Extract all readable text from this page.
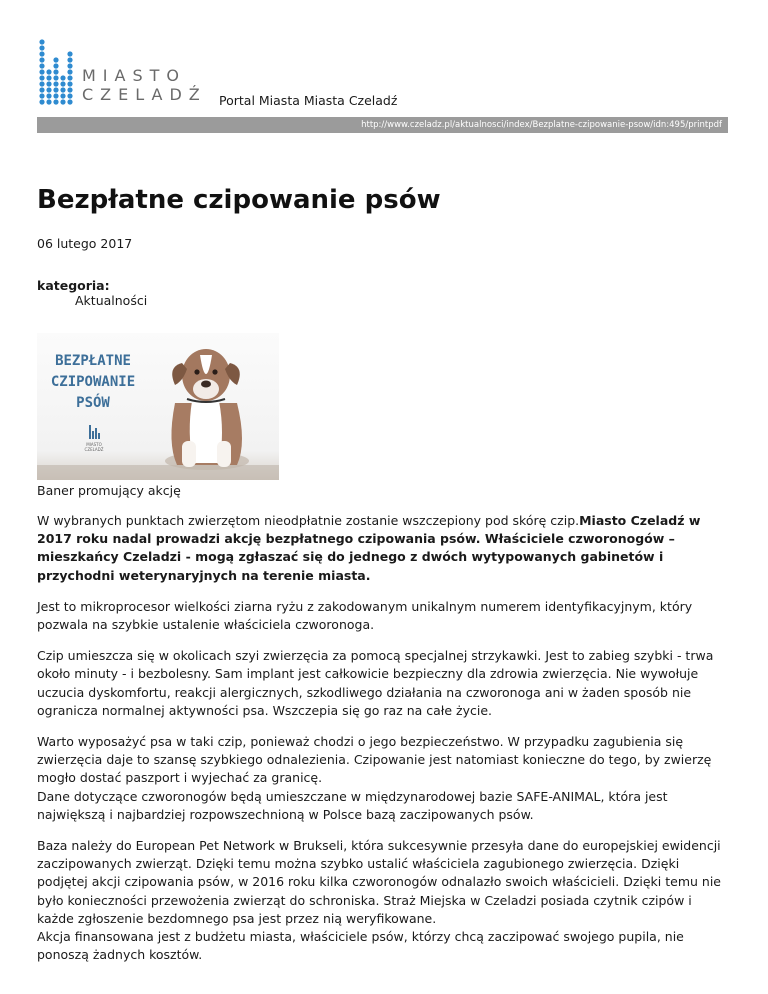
MIASTO
CZELADŹ Portal Miasta Miasta Czeladź
http://www.czeladz.pl/aktualnosci/index/Bezplatne-czipowanie-psow/idn:495/printpdf
Bezpłatne czipowanie psów
06 lutego 2017
kategoria:
Aktualności
BEZPŁATNE
CZIPOWANIE
PSÓW
MIASTO
CZELADŹ
Baner promujący akcję

W wybranych punktach zwierzętom nieodpłatnie zostanie wszczepiony pod skórę czip.Miasto Czeladź w 2017 roku nadal prowadzi akcję bezpłatnego czipowania psów. Właściciele czworonogów – mieszkańcy Czeladzi - mogą zgłaszać się do jednego z dwóch wytypowanych gabinetów i przychodni weterynaryjnych na terenie miasta.

Jest to mikroprocesor wielkości ziarna ryżu z zakodowanym unikalnym numerem identyfikacyjnym, który pozwala na szybkie ustalenie właściciela czworonoga.

Czip umieszcza się w okolicach szyi zwierzęcia za pomocą specjalnej strzykawki. Jest to zabieg szybki - trwa około minuty - i bezbolesny. Sam implant jest całkowicie bezpieczny dla zdrowia zwierzęcia. Nie wywołuje uczucia dyskomfortu, reakcji alergicznych, szkodliwego działania na czworonoga ani w żaden sposób nie ogranicza normalnej aktywności psa. Wszczepia się go raz na całe życie.

Warto wyposażyć psa w taki czip, ponieważ chodzi o jego bezpieczeństwo. W przypadku zagubienia się zwierzęcia daje to szansę szybkiego odnalezienia. Czipowanie jest natomiast konieczne do tego, by zwierzę mogło dostać paszport i wyjechać za granicę.
Dane dotyczące czworonogów będą umieszczane w międzynarodowej bazie SAFE-ANIMAL, która jest największą i najbardziej rozpowszechnioną w Polsce bazą zaczipowanych psów.

Baza należy do European Pet Network w Brukseli, która sukcesywnie przesyła dane do europejskiej ewidencji zaczipowanych zwierząt. Dzięki temu można szybko ustalić właściciela zagubionego zwierzęcia. Dzięki podjętej akcji czipowania psów, w 2016 roku kilka czworonogów odnalazło swoich właścicieli. Dzięki temu nie było konieczności przewożenia zwierząt do schroniska. Straż Miejska w Czeladzi posiada czytnik czipów i każde zgłoszenie bezdomnego psa jest przez nią weryfikowane.
Akcja finansowana jest z budżetu miasta, właściciele psów, którzy chcą zaczipować swojego pupila, nie ponoszą żadnych kosztów.
